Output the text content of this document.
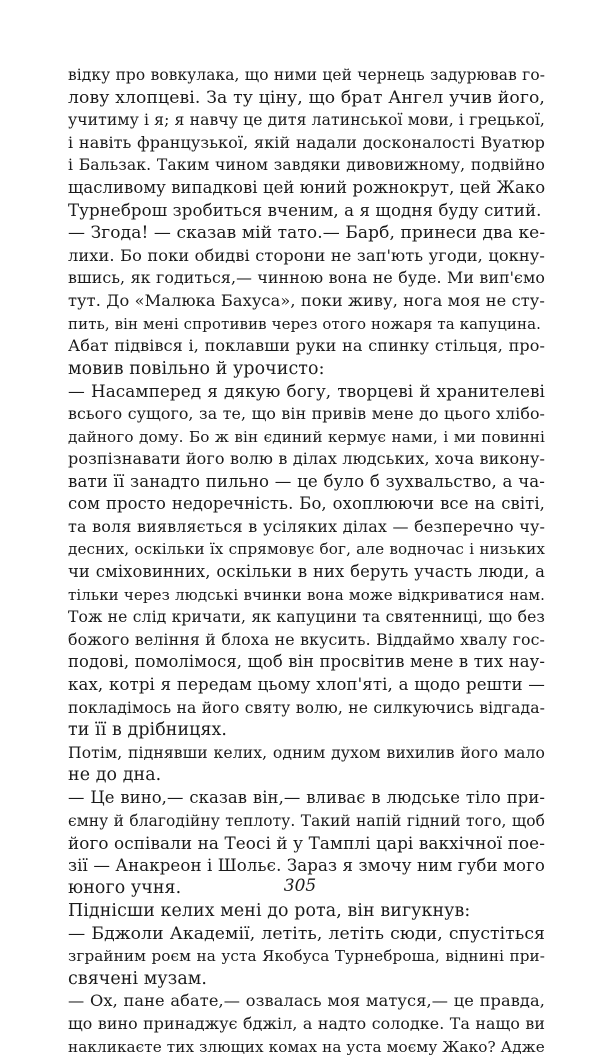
відку про вовкулака, що ними цей чернець задурював го-
лову хлопцеві. За ту ціну, що брат Ангел учив його,
учитиму і я; я навчу це дитя латинської мови, і грецької,
і навіть французької, якій надали досконалості Вуатюр
і Бальзак. Таким чином завдяки дивовижному, подвійно
щасливому випадкові цей юний рожнокрут, цей Жако
Турнеброш зробиться вченим, а я щодня буду ситий.
— Згода! — сказав мій тато.— Барб, принеси два ке-
лихи. Бо поки обидві сторони не зап'ють угоди, цокну-
вшись, як годиться,— чинною вона не буде. Ми вип'ємо
тут. До «Малюка Бахуса», поки живу, нога моя не сту-
пить, він мені спротивив через отого ножаря та капуцина.
Абат підвівся і, поклавши руки на спинку стільця, про-
мовив повільно й урочисто:
— Насамперед я дякую богу, творцеві й хранителеві
всього сущого, за те, що він привів мене до цього хлібо-
дайного дому. Бо ж він єдиний кермує нами, і ми повинні
розпізнавати його волю в ділах людських, хоча викону-
вати її занадто пильно — це було б зухвальство, а ча-
сом просто недоречність. Бо, охоплюючи все на світі,
та воля виявляється в усіляких ділах — безперечно чу-
десних, оскільки їх спрямовує бог, але водночас і низьких
чи сміховинних, оскільки в них беруть участь люди, а
тільки через людські вчинки вона може відкриватися нам.
Тож не слід кричати, як капуцини та святенниці, що без
божого веління й блоха не вкусить. Віддаймо хвалу гос-
подові, помолімося, щоб він просвітив мене в тих нау-
ках, котрі я передам цьому хлоп'яті, а щодо решти —
покладімось на його святу волю, не силкуючись відгада-
ти її в дрібницях.
Потім, піднявши келих, одним духом вихилив його мало
не до дна.
— Це вино,— сказав він,— вливає в людське тіло при-
ємну й благодійну теплоту. Такий напій гідний того, щоб
його оспівали на Теосі й у Тамплі царі вакхічної пое-
зії — Анакреон і Шольє. Зараз я змочу ним губи мого
юного учня.
Піднісши келих мені до рота, він вигукнув:
— Бджоли Академії, летіть, летіть сюди, спустіться
зграйним роєм на уста Якобуса Турнеброша, віднині при-
свячені музам.
— Ох, пане абате,— озвалась моя матуся,— це правда,
що вино принаджує бджіл, а надто солодке. Та нащо ви
накликаєте тих злющих комах на уста моєму Жако? Адже
305
